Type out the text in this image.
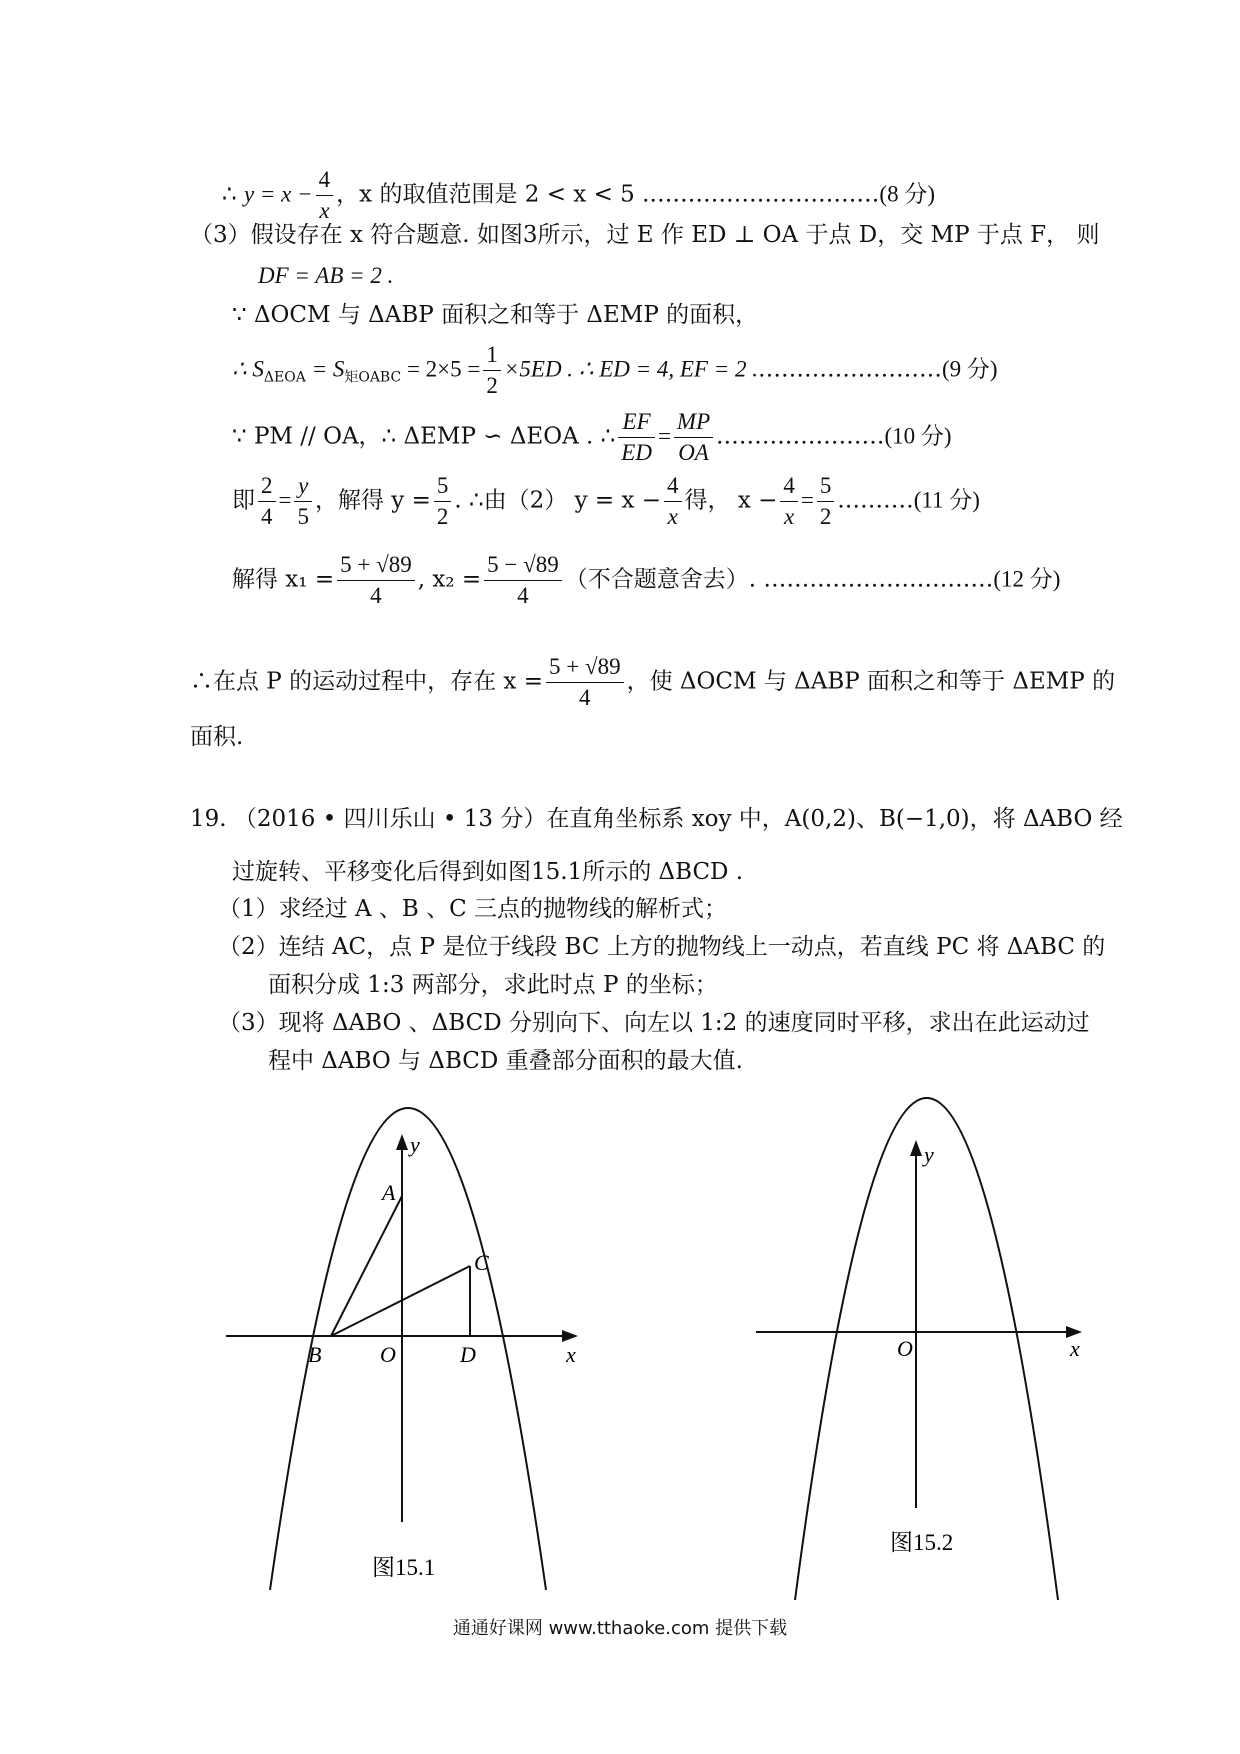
∴ $y = x - \frac{4}{x}$ ，x 的取值范围是 2 < x < 5 .…………………………(8 分)
（3）假设存在 x 符合题意. 如图3所示，过 E 作 ED ⊥ OA 于点 D，交 MP 于点 F， 则
DF = AB = 2 .
∵ ΔOCM 与 ΔABP 面积之和等于 ΔEMP 的面积，
∴ $S_{\Delta EOA} = S_{矩OABC} = 2\times 5 = \frac{1}{2} \times 5ED$ . ∴ ED = 4, EF = 2 .……………………(9 分)
∵ PM // OA，∴ ΔEMP ∽ ΔEOA . ∴ $\frac{EF}{ED} = \frac{MP}{OA}$ .…………………(10 分)
即 $\frac{2}{4} = \frac{y}{5}$ ，解得 $y = \frac{5}{2}$ . ∴由（2） $y = x - \frac{4}{x}$ 得， $x - \frac{4}{x} = \frac{5}{2}$ .………(11 分)
解得 $x_1 = \frac{5 + √89}{4}$ , $x_2 = \frac{5 - √89}{4}$ （不合题意舍去）. …………………………(12 分)
∴在点 P 的运动过程中，存在 $x = \frac{5 + √89}{4}$ ，使 ΔOCM 与 ΔABP 面积之和等于 ΔEMP 的
面积.
19. （2016 • 四川乐山 • 13 分）在直角坐标系 xoy 中，A(0,2)、B(−1,0)，将 ΔABO 经
过旋转、平移变化后得到如图15.1所示的 ΔBCD .
（1）求经过 A 、B 、C 三点的抛物线的解析式；
（2）连结 AC，点 P 是位于线段 BC 上方的抛物线上一动点，若直线 PC 将 ΔABC 的
面积分成 1:3 两部分，求此时点 P 的坐标；
（3）现将 ΔABO 、ΔBCD 分别向下、向左以 1:2 的速度同时平移，求出在此运动过
程中 ΔABO 与 ΔBCD 重叠部分面积的最大值.
y
A
C
B	O	D	x
图15.1
y
O	x
图15.2
通通好课网 www.tthaoke.com 提供下载
